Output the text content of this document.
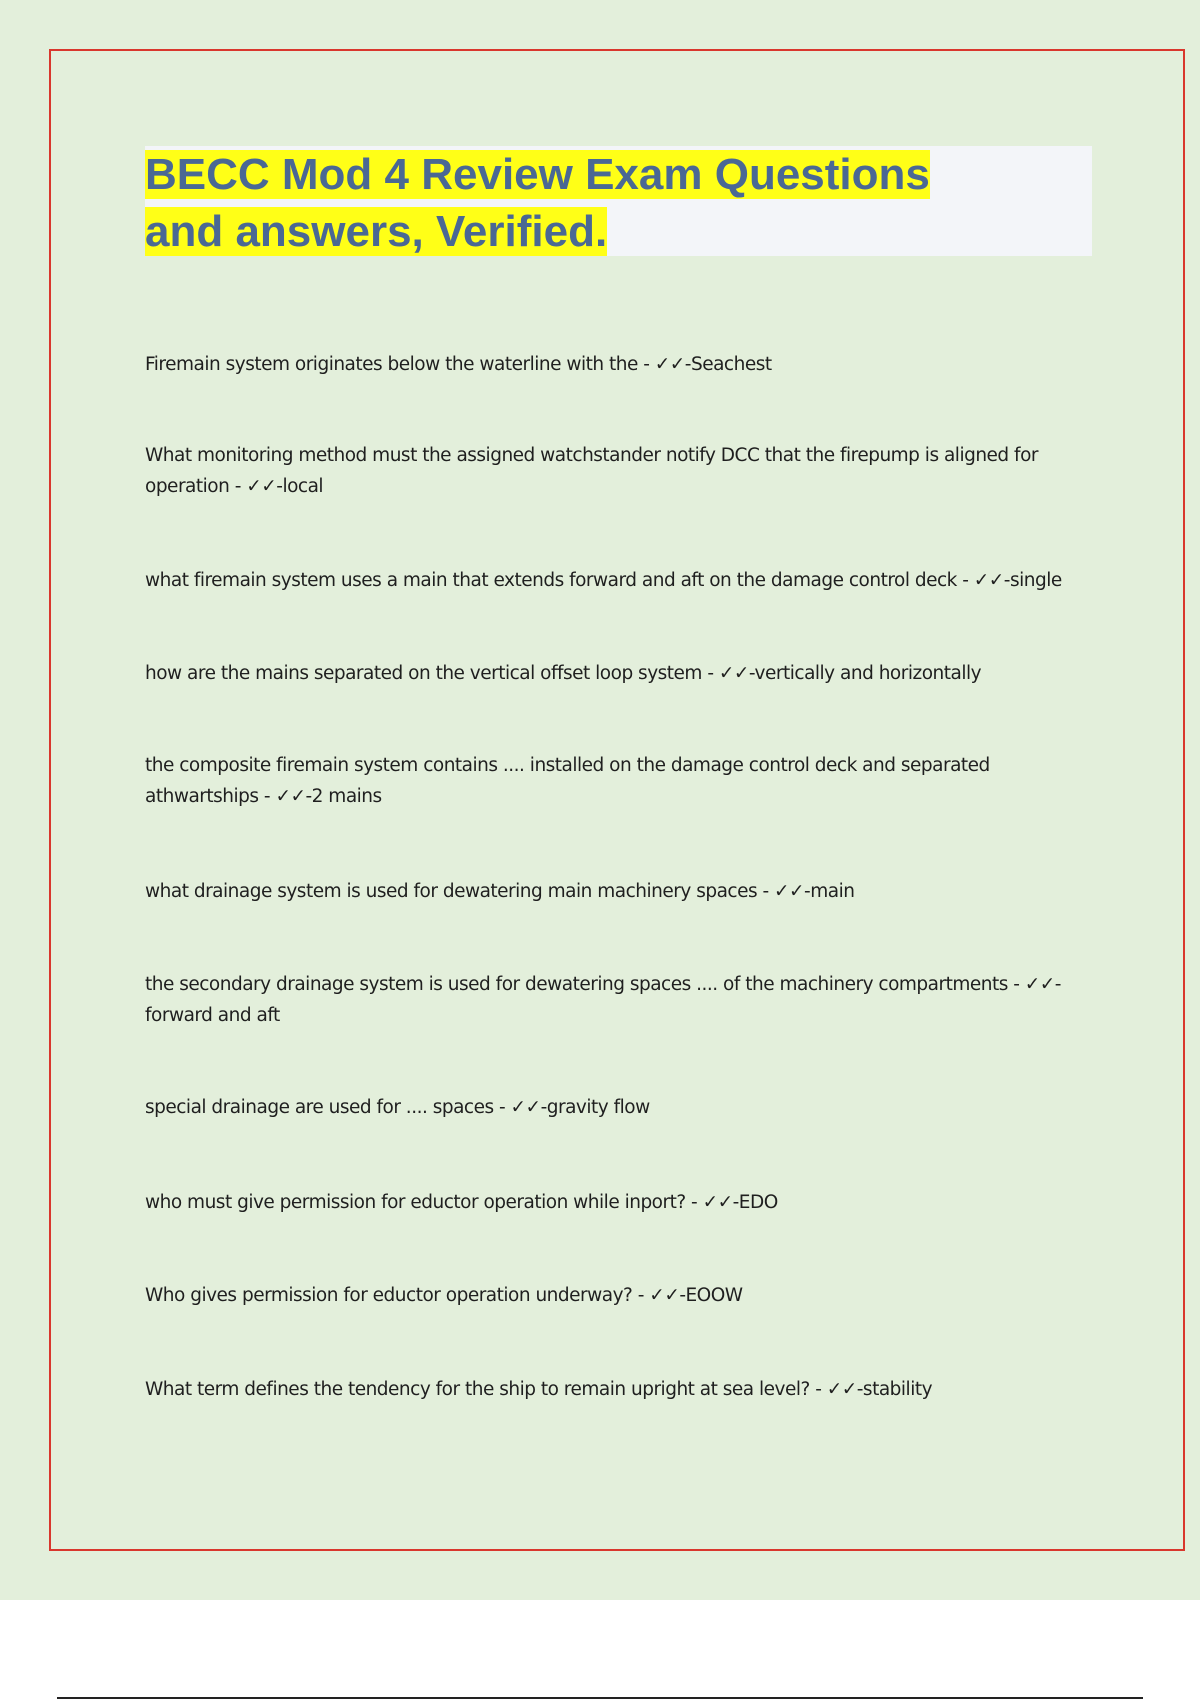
BECC Mod 4 Review Exam Questions
and answers, Verified.
Firemain system originates below the waterline with the - ✓✓-Seachest
What monitoring method must the assigned watchstander notify DCC that the firepump is aligned for operation - ✓✓-local
what firemain system uses a main that extends forward and aft on the damage control deck - ✓✓-single
how are the mains separated on the vertical offset loop system - ✓✓-vertically and horizontally
the composite firemain system contains .... installed on the damage control deck and separated athwartships - ✓✓-2 mains
what drainage system is used for dewatering main machinery spaces - ✓✓-main
the secondary drainage system is used for dewatering spaces .... of the machinery compartments - ✓✓-forward and aft
special drainage are used for .... spaces - ✓✓-gravity flow
who must give permission for eductor operation while inport? - ✓✓-EDO
Who gives permission for eductor operation underway? - ✓✓-EOOW
What term defines the tendency for the ship to remain upright at sea level? - ✓✓-stability
